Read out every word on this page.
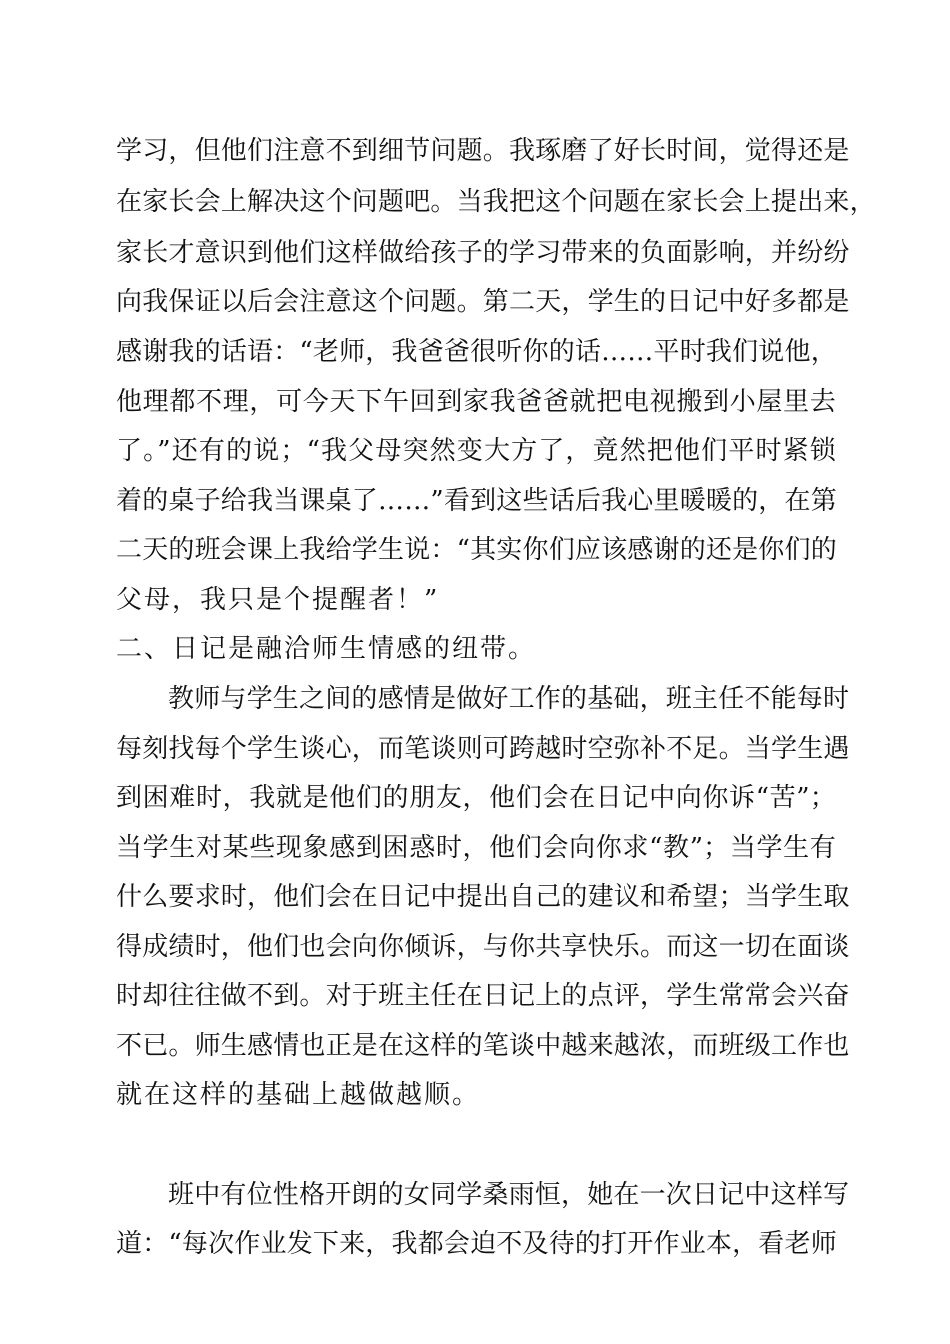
学习，但他们注意不到细节问题。我琢磨了好长时间，觉得还是
在家长会上解决这个问题吧。当我把这个问题在家长会上提出来，
家长才意识到他们这样做给孩子的学习带来的负面影响，并纷纷
向我保证以后会注意这个问题。第二天，学生的日记中好多都是
感谢我的话语：“老师，我爸爸很听你的话……平时我们说他，
他理都不理，可今天下午回到家我爸爸就把电视搬到小屋里去
了。”还有的说；“我父母突然变大方了，竟然把他们平时紧锁
着的桌子给我当课桌了……”看到这些话后我心里暖暖的，在第
二天的班会课上我给学生说：“其实你们应该感谢的还是你们的
父母，我只是个提醒者！”
二、日记是融洽师生情感的纽带。
教师与学生之间的感情是做好工作的基础，班主任不能每时
每刻找每个学生谈心，而笔谈则可跨越时空弥补不足。当学生遇
到困难时，我就是他们的朋友，他们会在日记中向你诉“苦”；
当学生对某些现象感到困惑时，他们会向你求“教”；当学生有
什么要求时，他们会在日记中提出自己的建议和希望；当学生取
得成绩时，他们也会向你倾诉，与你共享快乐。而这一切在面谈
时却往往做不到。对于班主任在日记上的点评，学生常常会兴奋
不已。师生感情也正是在这样的笔谈中越来越浓，而班级工作也
就在这样的基础上越做越顺。
班中有位性格开朗的女同学桑雨恒，她在一次日记中这样写
道：“每次作业发下来，我都会迫不及待的打开作业本，看老师
